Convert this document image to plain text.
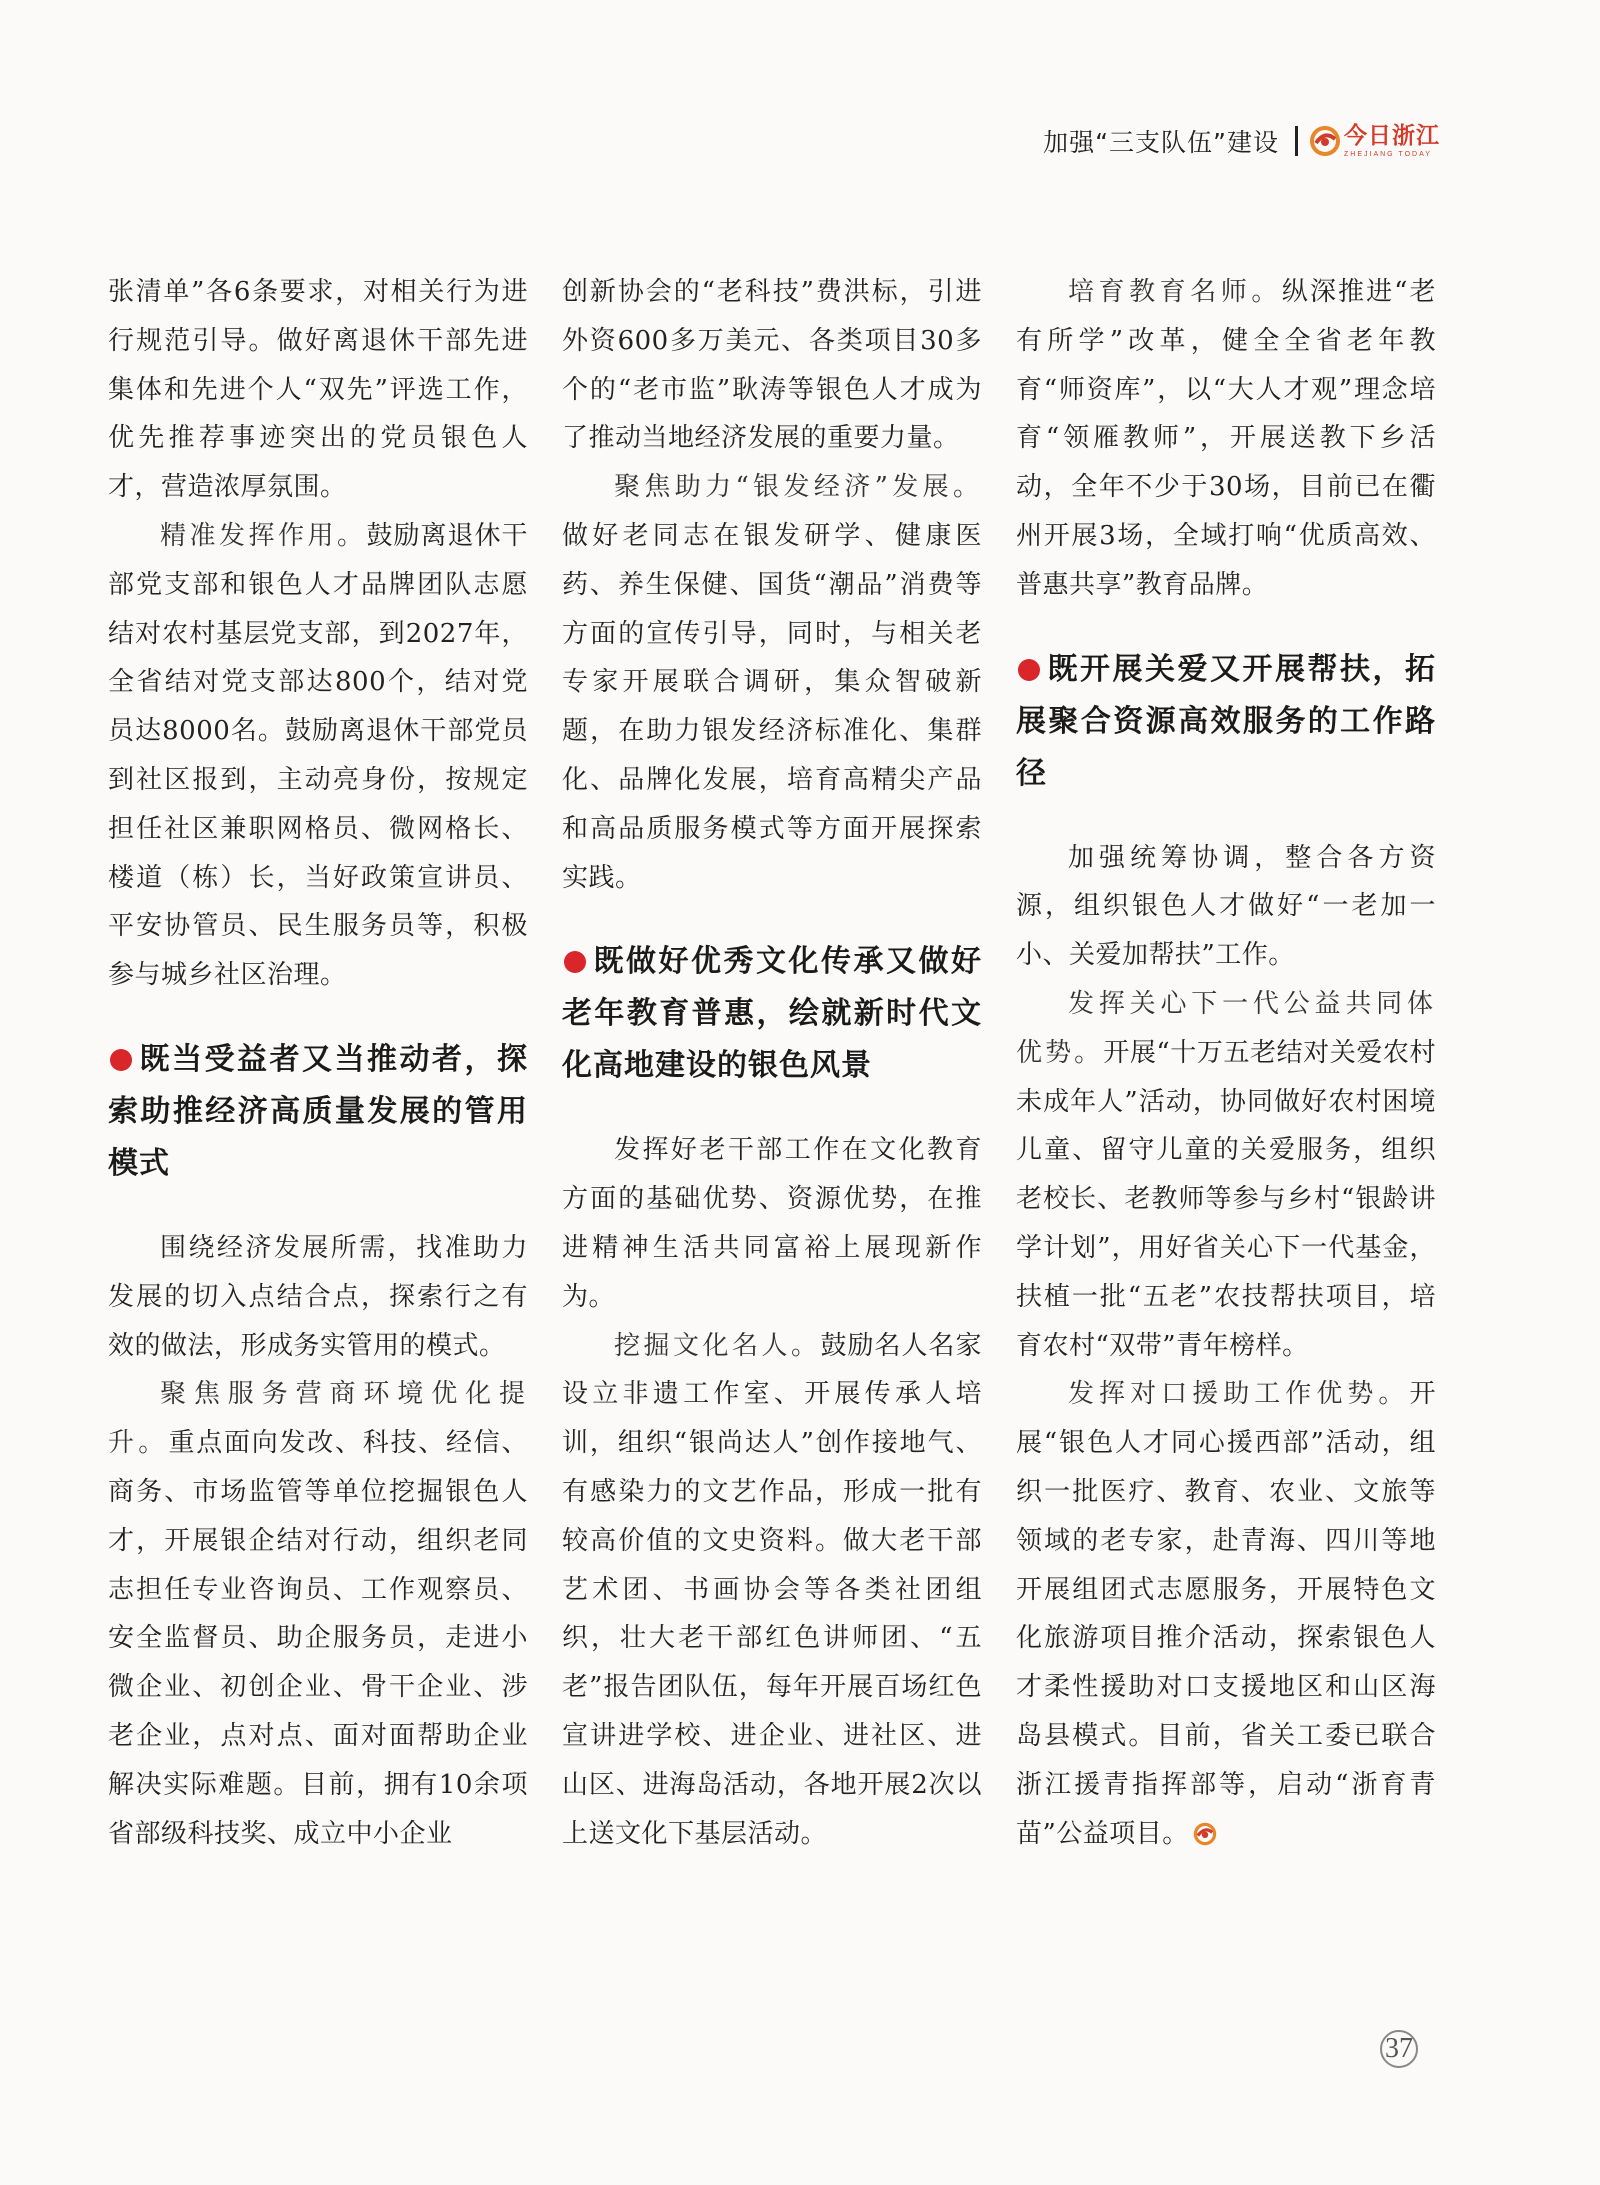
加强“三支队伍”建设	今日浙江
ZHEJIANG TODAY

张清单”各6条要求，对相关行为进行规范引导。做好离退休干部先进集体和先进个人“双先”评选工作，优先推荐事迹突出的党员银色人才，营造浓厚氛围。

精准发挥作用。鼓励离退休干部党支部和银色人才品牌团队志愿结对农村基层党支部，到2027年，全省结对党支部达800个，结对党员达8000名。鼓励离退休干部党员到社区报到，主动亮身份，按规定担任社区兼职网格员、微网格长、楼道（栋）长，当好政策宣讲员、平安协管员、民生服务员等，积极参与城乡社区治理。

既当受益者又当推动者，探索助推经济高质量发展的管用模式

围绕经济发展所需，找准助力发展的切入点结合点，探索行之有效的做法，形成务实管用的模式。

聚焦服务营商环境优化提升。重点面向发改、科技、经信、商务、市场监管等单位挖掘银色人才，开展银企结对行动，组织老同志担任专业咨询员、工作观察员、安全监督员、助企服务员，走进小微企业、初创企业、骨干企业、涉老企业，点对点、面对面帮助企业解决实际难题。目前，拥有10余项省部级科技奖、成立中小企业

创新协会的“老科技”费洪标，引进外资600多万美元、各类项目30多个的“老市监”耿涛等银色人才成为了推动当地经济发展的重要力量。

聚焦助力“银发经济”发展。做好老同志在银发研学、健康医药、养生保健、国货“潮品”消费等方面的宣传引导，同时，与相关老专家开展联合调研，集众智破新题，在助力银发经济标准化、集群化、品牌化发展，培育高精尖产品和高品质服务模式等方面开展探索实践。

既做好优秀文化传承又做好老年教育普惠，绘就新时代文化高地建设的银色风景

发挥好老干部工作在文化教育方面的基础优势、资源优势，在推进精神生活共同富裕上展现新作为。

挖掘文化名人。鼓励名人名家设立非遗工作室、开展传承人培训，组织“银尚达人”创作接地气、有感染力的文艺作品，形成一批有较高价值的文史资料。做大老干部艺术团、书画协会等各类社团组织，壮大老干部红色讲师团、“五老”报告团队伍，每年开展百场红色宣讲进学校、进企业、进社区、进山区、进海岛活动，各地开展2次以上送文化下基层活动。

培育教育名师。纵深推进“老有所学”改革，健全全省老年教育“师资库”，以“大人才观”理念培育“领雁教师”，开展送教下乡活动，全年不少于30场，目前已在衢州开展3场，全域打响“优质高效、普惠共享”教育品牌。

既开展关爱又开展帮扶，拓展聚合资源高效服务的工作路径

加强统筹协调，整合各方资源，组织银色人才做好“一老加一小、关爱加帮扶”工作。

发挥关心下一代公益共同体优势。开展“十万五老结对关爱农村未成年人”活动，协同做好农村困境儿童、留守儿童的关爱服务，组织老校长、老教师等参与乡村“银龄讲学计划”，用好省关心下一代基金，扶植一批“五老”农技帮扶项目，培育农村“双带”青年榜样。

发挥对口援助工作优势。开展“银色人才同心援西部”活动，组织一批医疗、教育、农业、文旅等领域的老专家，赴青海、四川等地开展组团式志愿服务，开展特色文化旅游项目推介活动，探索银色人才柔性援助对口支援地区和山区海岛县模式。目前，省关工委已联合浙江援青指挥部等，启动“浙育青苗”公益项目。

37
